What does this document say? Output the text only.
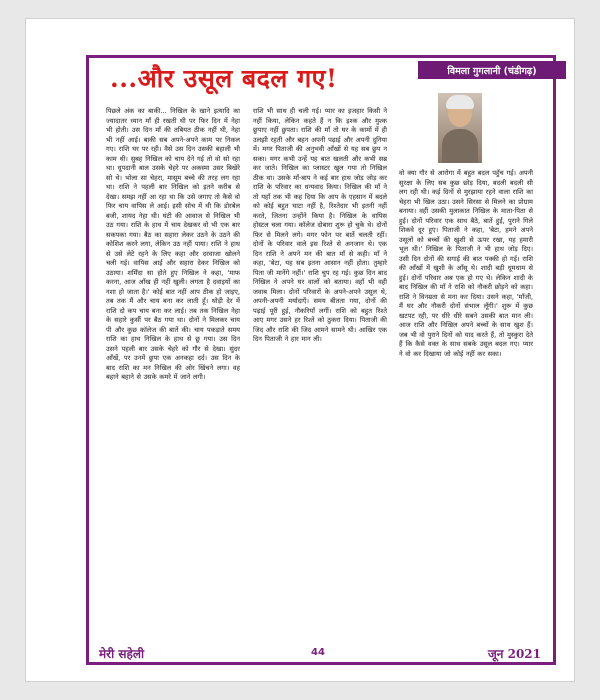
...और उसूल बदल गए!	विमला गुगलानी (चंडीगढ़)
पिछले अंक का बाकी... निखिल के खाने इत्यादि का ज्यादातर ध्यान माँ ही रखती थी पर फिर दिन में नेहा भी होती। उस दिन माँ की तबियत ठीक नहीं थी, नेहा भी नहीं आई। बाकी सब अपने-अपने काम पर निकल गए। राशि घर पर रही। वैसे उस दिन उसकी बहाली भी काम थी। सुबह निखिल को चाय देने गई तो वो सो रहा था। धूपदानी बाल उसके चेहरे पर अकस्मा उसर बिखेरे सो थे। भोला सा चेहरा, मासूम बच्चे की तरह लग रहा था। राशि ने पहली बार निखिल को इतने करीब से देखा। समझ नहीं आ रहा था कि उसे जगाए तो कैसे वो फिर चाय वापिस ले आई। इसी सोच में थी कि डोरबेल बजी, शायद नेहा थी। घंटी की आवाज से निखिल भी उठ गया। राशि के हाथ में चाय देखकर वो भी एक बार सकपका गया। बैठ का सहारा लेकर उठने के उठने की कोशिश करने लगा, लेकिन उठ नहीं पाया। राशि ने हाथ से उसे लेटे रहने के लिए कहा और दरवाजा खोलने चली गई। वापिस आई और सहारा देकर निखिल को उठाया। शर्मिंदा सा होते हुए निखिल ने कहा, 'माफ करना, आज आँख ही नहीं खुली। लगता है दवाइयों का नशा हो जाता है।' कोई बात नहीं आप ठीक हो जाइए, तब तक मैं और चाय बना कर लाती हूँ। थोड़ी देर में राशि दो कप चाय बना कर लाई। तब तक निखिल नेहा के सहारे कुर्सी पर बैठ गया था। दोनों ने मिलकर चाय पी और कुछ कॉलेज की बातें की। चाय पकड़ाते समय राशि का हाथ निखिल के हाथ से छू गया। उस दिन उसने पहली बार उसके चेहरे को गौर से देखा। सुंदर आँखें, पर उनमें छुपा एक अनकहा दर्द। उस दिन के बाद राशि का मन निखिल की ओर खिंचने लगा। वह बहाने बहाने से उसके कमरे में जाने लगी।
राशि भी साथ ही चली गई। प्यार का इजहार किसी ने नहीं किया, लेकिन कहते हैं न कि इश्क और मुश्क छुपाए नहीं छुपता। राशि की माँ तो घर के कामों में ही उलझी रहती और बहन अपनी पढ़ाई और अपनी दुनिया में। मगर पिताजी की अनुभवी आँखों से यह सब छुप न सका। मगर कभी उन्हें यह बात खलती और कभी सब्र कर जाते। निखिल का प्लास्टर खुल गया तो निखिल ठीक था। उसके माँ-बाप ने कई बार हाथ जोड़ जोड़ कर राशि के परिवार का धन्यवाद किया। निखिल की माँ ने तो यहाँ तक भी कह दिया कि आप के एहसान में बदले को कोई बहुत घाटा नहीं है, रिश्तेदार भी इतनी नहीं करते, जितना उन्होंने किया है। निखिल के वापिस होस्टल चला गया। कॉलेज दोबारा शुरू हो चुके थे। दोनों फिर से मिलने लगे। मगर फोन पर बातें चलती रहीं। दोनों के परिवार वाले इस रिश्ते से अनजान थे। एक दिन राशि ने अपने मन की बात माँ से कही। माँ ने कहा, 'बेटा, यह सब इतना आसान नहीं होता। तुम्हारे पिता जी मानेंगे नहीं।' राशि चुप रह गई। कुछ दिन बाद निखिल ने अपने घर वालों को बताया। वहाँ भी वही जवाब मिला। दोनों परिवारों के अपने-अपने उसूल थे, अपनी-अपनी मर्यादाएँ। समय बीतता गया, दोनों की पढ़ाई पूरी हुई, नौकरियाँ लगीं। राशि को बहुत रिश्ते आए मगर उसने हर रिश्ते को ठुकरा दिया। पिताजी की जिद और राशि की जिद आमने सामने थी। आखिर एक दिन पिताजी ने हार मान ली।
वो क्या गौर से आरोगा में बहुत बदल पहुँच गई। अपनी सुरक्षा के लिए सब कुछ छोड़ दिया, बदली बदली सी लग रही थी। कई दिनों से मुरझाया रहने वाला राशि का चेहरा भी खिल उठा। उसने सिरसा से मिलने का प्रोग्राम बनाया। वहीं उसकी मुलाकात निखिल के माता-पिता से हुई। दोनों परिवार एक साथ बैठे, बातें हुईं, पुराने गिले शिकवे दूर हुए। पिताजी ने कहा, 'बेटा, हमने अपने उसूलों को बच्चों की खुशी से ऊपर रखा, यह हमारी भूल थी।' निखिल के पिताजी ने भी हाथ जोड़ दिए। उसी दिन दोनों की सगाई की बात पक्की हो गई। राशि की आँखों में खुशी के आँसू थे। शादी बड़ी धूमधाम से हुई। दोनों परिवार अब एक हो गए थे। लेकिन शादी के बाद निखिल की माँ ने राशि को नौकरी छोड़ने को कहा। राशि ने विनम्रता से मना कर दिया। उसने कहा, 'माँजी, मैं घर और नौकरी दोनों संभाल लूँगी।' शुरू में कुछ खटपट रही, पर धीरे धीरे सबने उसकी बात मान ली। आज राशि और निखिल अपने बच्चों के साथ खुश हैं। जब भी वो पुराने दिनों को याद करते हैं, तो मुस्कुरा देते हैं कि कैसे वक्त के साथ सबके उसूल बदल गए। प्यार ने वो कर दिखाया जो कोई नहीं कर सका।
मेरी सहेली	44	जून 2021
